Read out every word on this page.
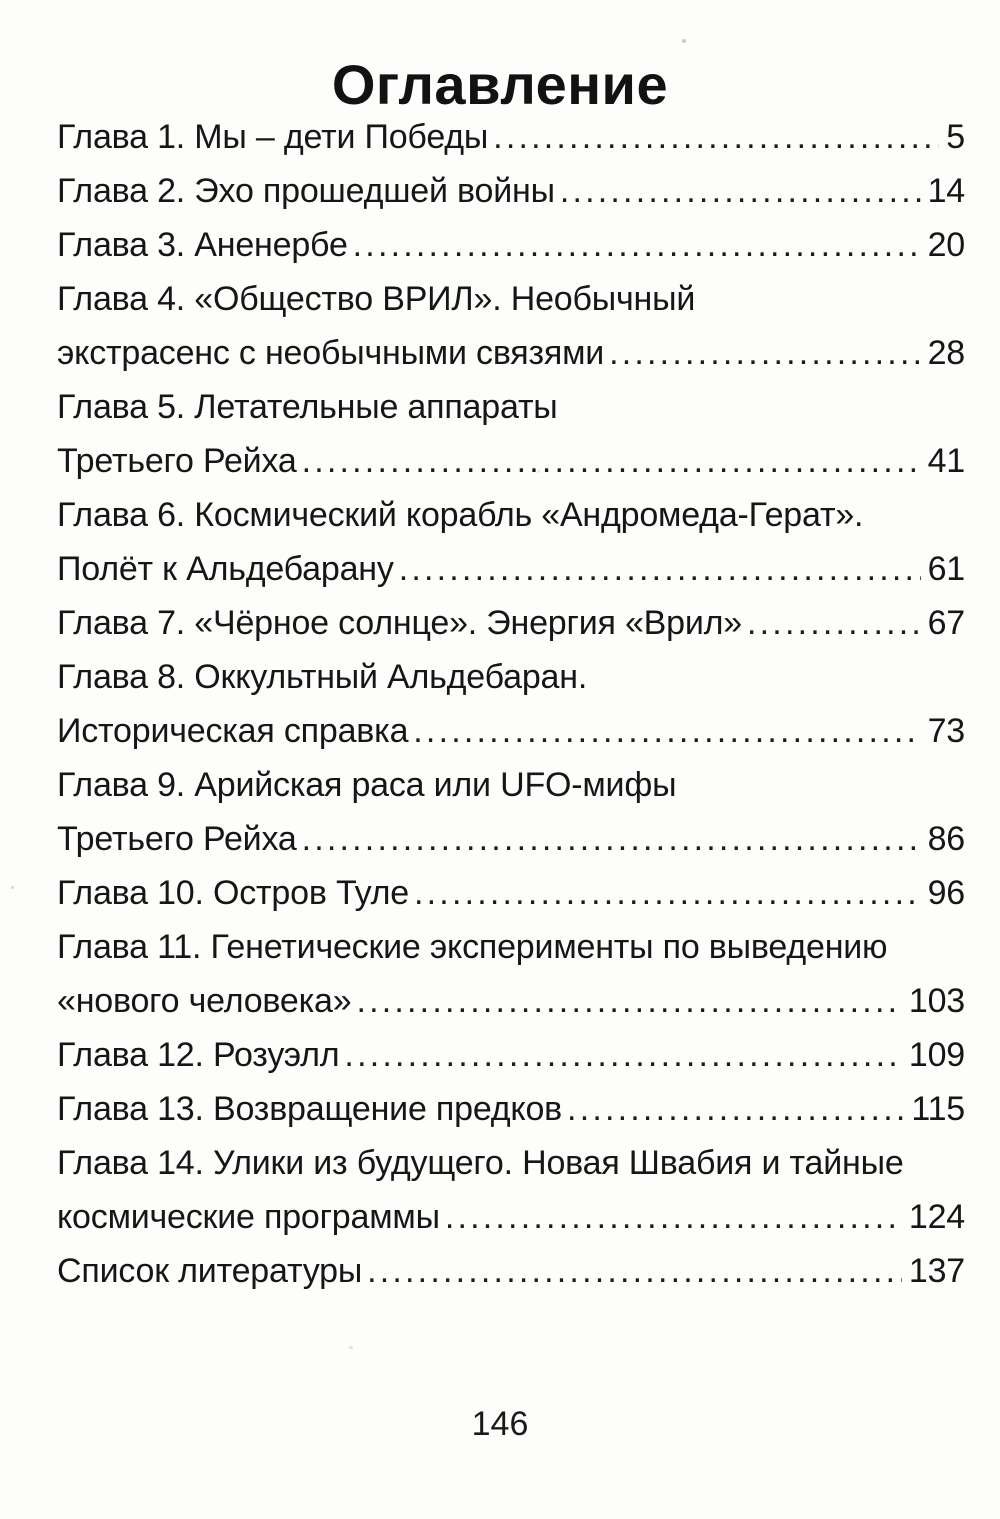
Оглавление
Глава 1. Мы – дети Победы .....	5
Глава 2. Эхо прошедшей войны .....	14
Глава 3. Аненербе .....	20
Глава 4. «Общество ВРИЛ». Необычный
экстрасенс с необычными связями .....	28
Глава 5. Летательные аппараты
Третьего Рейха .....	41
Глава 6. Космический корабль «Андромеда-Герат».
Полёт к Альдебарану .....	61
Глава 7. «Чёрное солнце». Энергия «Врил» .....	67
Глава 8. Оккультный Альдебаран.
Историческая справка .....	73
Глава 9. Арийская раса или UFO-мифы
Третьего Рейха .....	86
Глава 10. Остров Туле .....	96
Глава 11. Генетические эксперименты по выведению
«нового человека» .....	103
Глава 12. Розуэлл .....	109
Глава 13. Возвращение предков .....	115
Глава 14. Улики из будущего. Новая Швабия и тайные
космические программы .....	124
Список литературы .....	137
146
